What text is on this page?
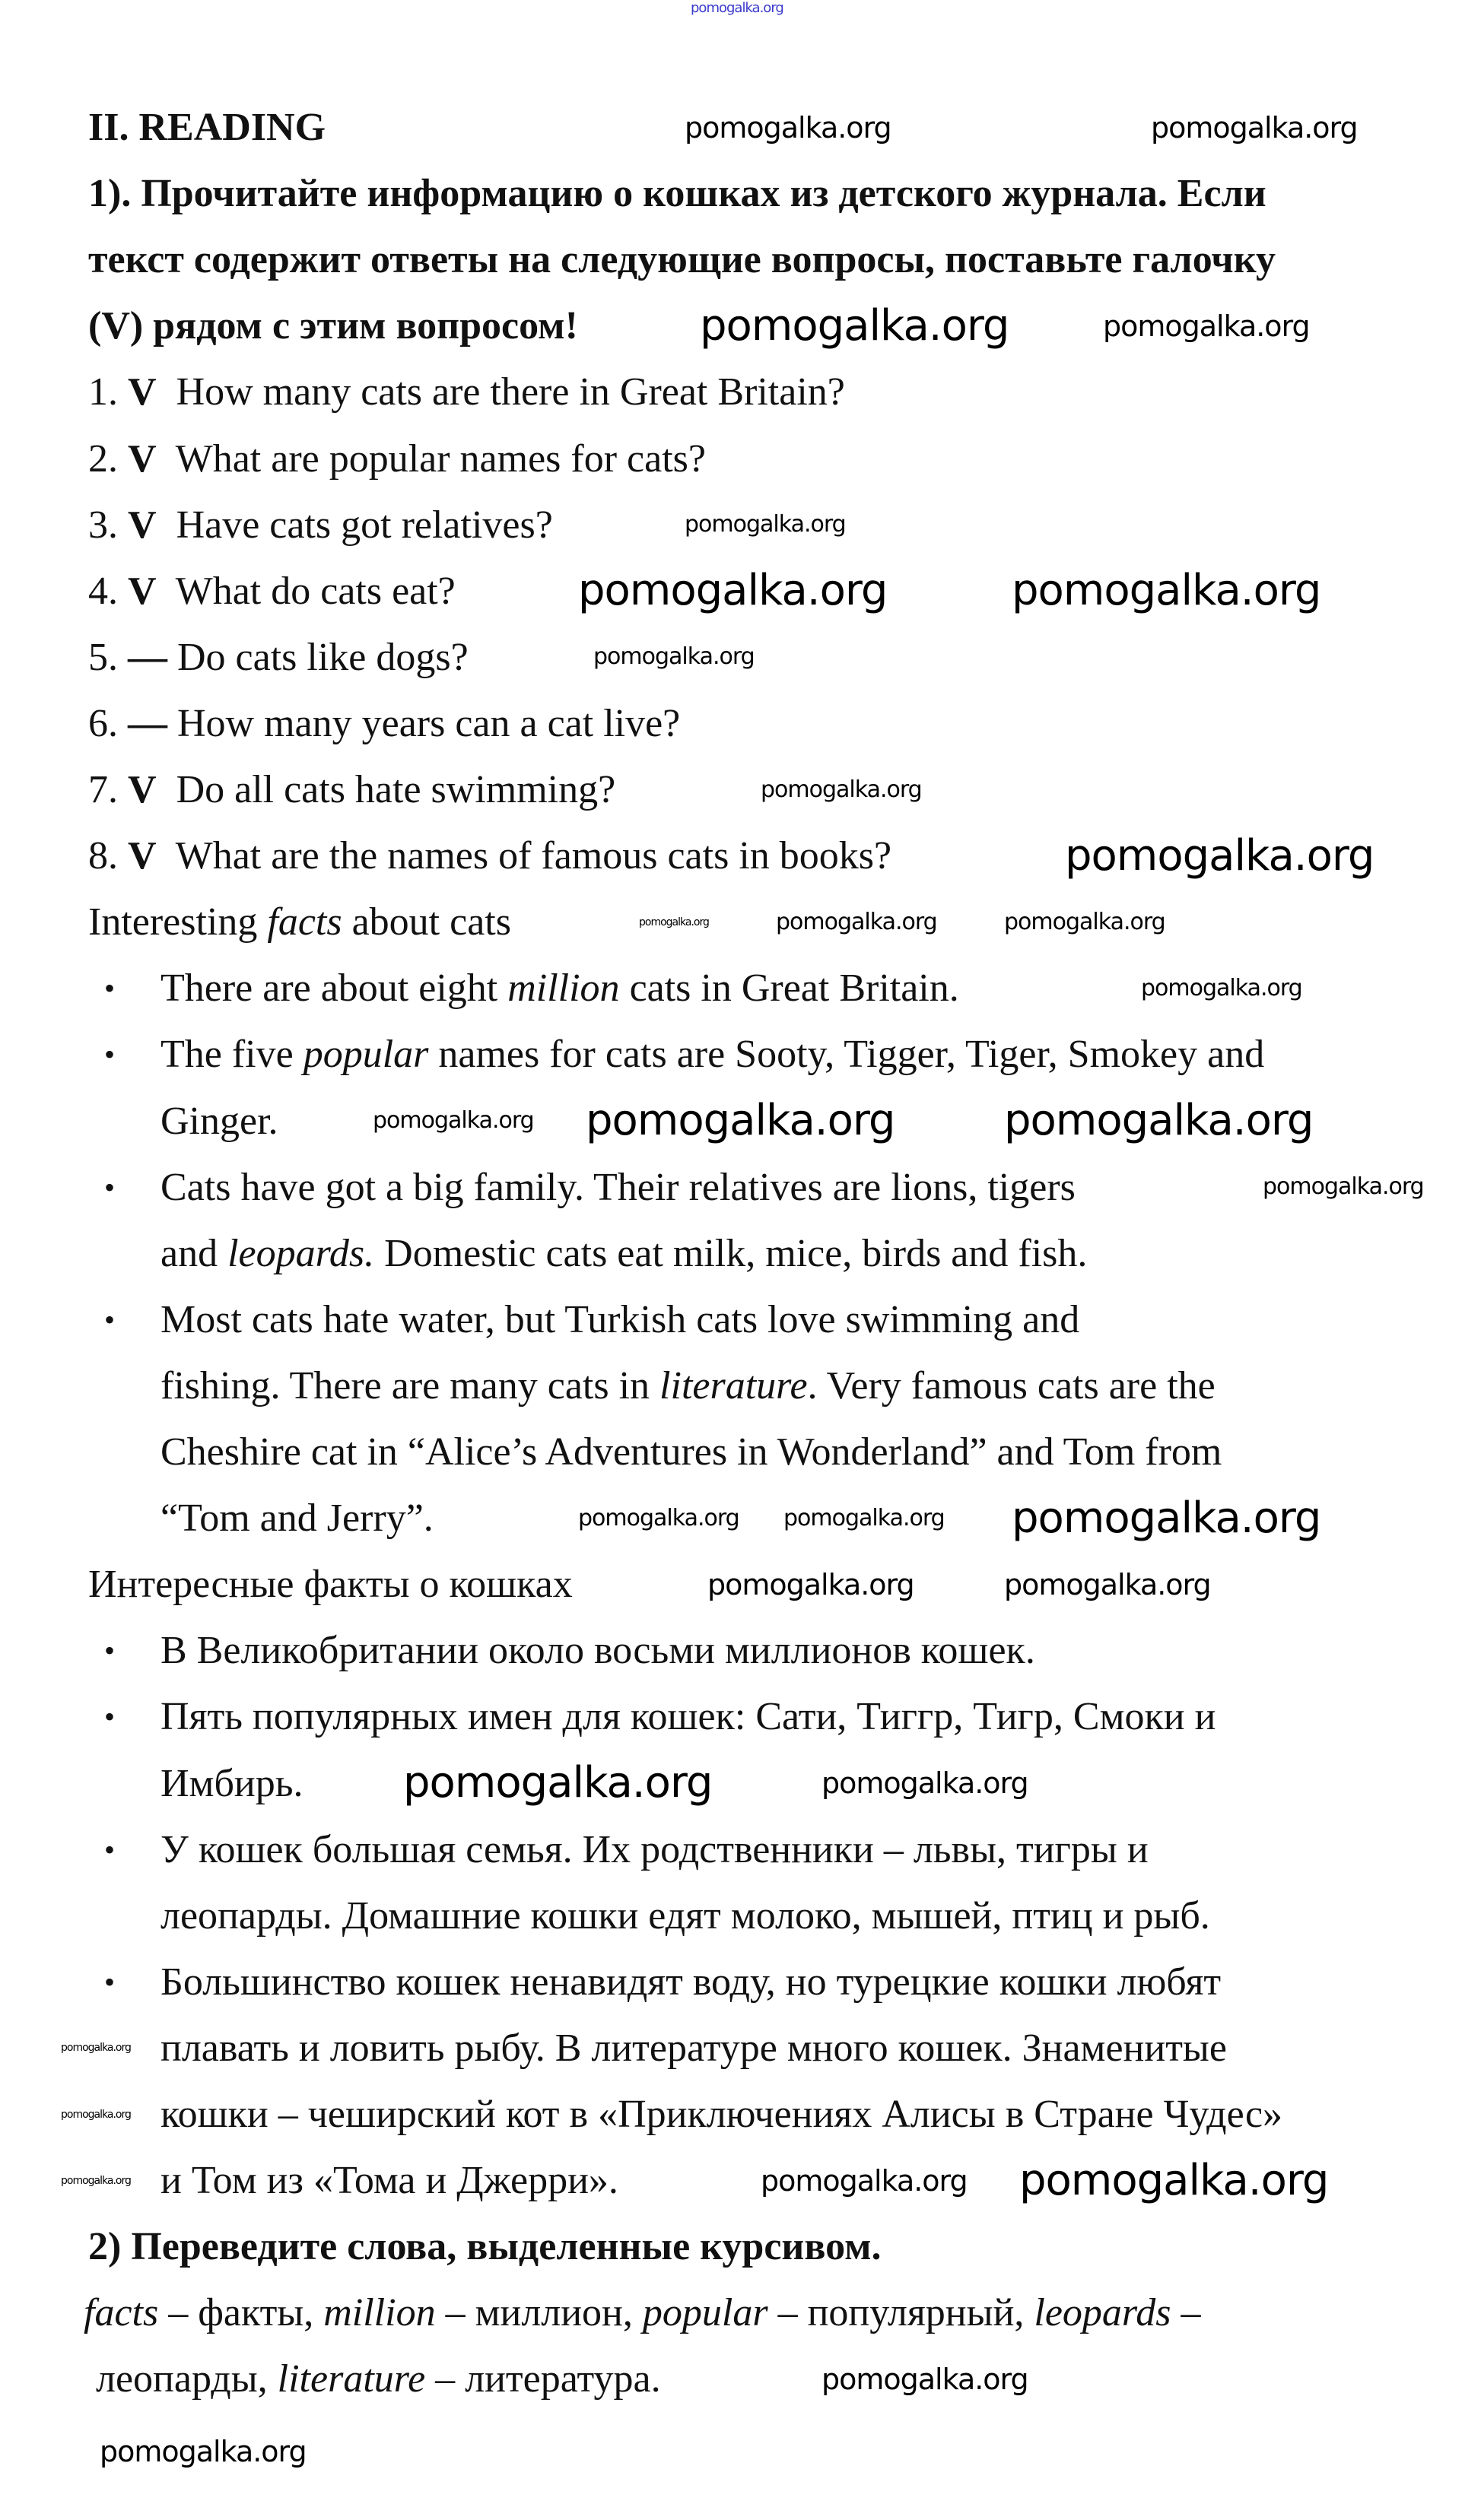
pomogalka.org
pomogalka.org
pomogalka.org
pomogalka.org	pomogalka.org
pomogalka.org
pomogalka.org	pomogalka.org
pomogalka.org
pomogalka.org
pomogalka.org
pomogalka.org	pomogalka.org	pomogalka.org
pomogalka.org pomogalka.org	pomogalka.org
pomogalka.org
pomogalka.org
pomogalka.org pomogalka.org pomogalka.org
pomogalka.org
pomogalka.org	pomogalka.org
pomogalka.org
pomogalka.org
pomogalka.org
pomogalka.org	pomogalka.org pomogalka.org
pomogalka.org
pomogalka.org
II. READING
1). Прочитайте информацию о кошках из детского журнала. Если
текст содержит ответы на следующие вопросы, поставьте галочку
(V) рядом с этим вопросом!
1. V How many cats are there in Great Britain?
2. V What are popular names for cats?
3. V Have cats got relatives?
4. V What do cats eat?
5. — Do cats like dogs?
6. — How many years can a cat live?
7. V Do all cats hate swimming?
8. V What are the names of famous cats in books?
Interesting facts about cats
• There are about eight million cats in Great Britain.
• The five popular names for cats are Sooty, Tigger, Tiger, Smokey and
Ginger.
• Cats have got a big family. Their relatives are lions, tigers
and leopards. Domestic cats eat milk, mice, birds and fish.
• Most cats hate water, but Turkish cats love swimming and
fishing. There are many cats in literature. Very famous cats are the
Cheshire cat in “Alice’s Adventures in Wonderland” and Tom from
“Tom and Jerry”.
Интересные факты о кошках
• В Великобритании около восьми миллионов кошек.
• Пять популярных имен для кошек: Сати, Тиггр, Тигр, Смоки и
Имбирь.
• У кошек большая семья. Их родственники – львы, тигры и
леопарды. Домашние кошки едят молоко, мышей, птиц и рыб.
• Большинство кошек ненавидят воду, но турецкие кошки любят
плавать и ловить рыбу. В литературе много кошек. Знаменитые
кошки – чеширский кот в «Приключениях Алисы в Стране Чудес»
и Том из «Тома и Джерри».
2) Переведите слова, выделенные курсивом.
facts – факты, million – миллион, popular – популярный, leopards –
леопарды, literature – литература.
